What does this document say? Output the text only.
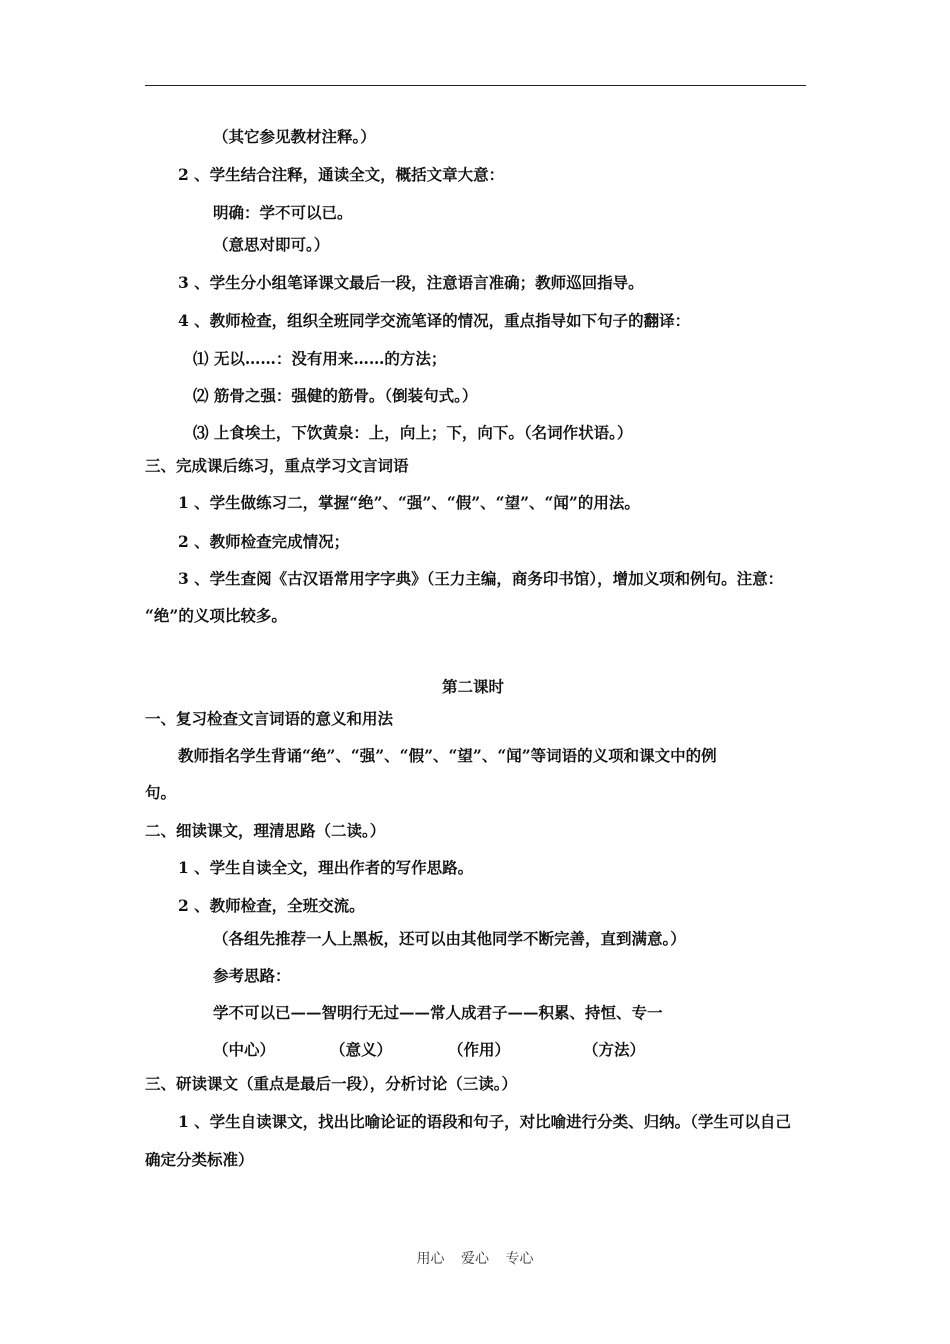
（其它参见教材注释。）
2 、学生结合注释，通读全文，概括文章大意：
明确：学不可以已。
（意思对即可。）
3 、学生分小组笔译课文最后一段，注意语言准确；教师巡回指导。
4 、教师检查，组织全班同学交流笔译的情况，重点指导如下句子的翻译：
⑴ 无以……：没有用来……的方法；
⑵ 筋骨之强：强健的筋骨。（倒装句式。）
⑶ 上食埃土，下饮黄泉：上，向上；下，向下。（名词作状语。）
三、完成课后练习，重点学习文言词语
1 、学生做练习二，掌握“绝”、“强”、“假”、“望”、“闻”的用法。
2 、教师检查完成情况；
3 、学生查阅《古汉语常用字字典》（王力主编，商务印书馆），增加义项和例句。注意：
“绝”的义项比较多。
第二课时
一、复习检查文言词语的意义和用法
教师指名学生背诵“绝”、“强”、“假”、“望”、“闻”等词语的义项和课文中的例
句。
二、细读课文，理清思路（二读。）
1 、学生自读全文，理出作者的写作思路。
2 、教师检查，全班交流。
（各组先推荐一人上黑板，还可以由其他同学不断完善，直到满意。）
参考思路：
学不可以已——智明行无过——常人成君子——积累、持恒、专一
（中心）	（意义）	（作用）	（方法）
三、研读课文（重点是最后一段），分析讨论（三读。）
1 、学生自读课文，找出比喻论证的语段和句子，对比喻进行分类、归纳。（学生可以自己
确定分类标准）
用心 爱心 专心
